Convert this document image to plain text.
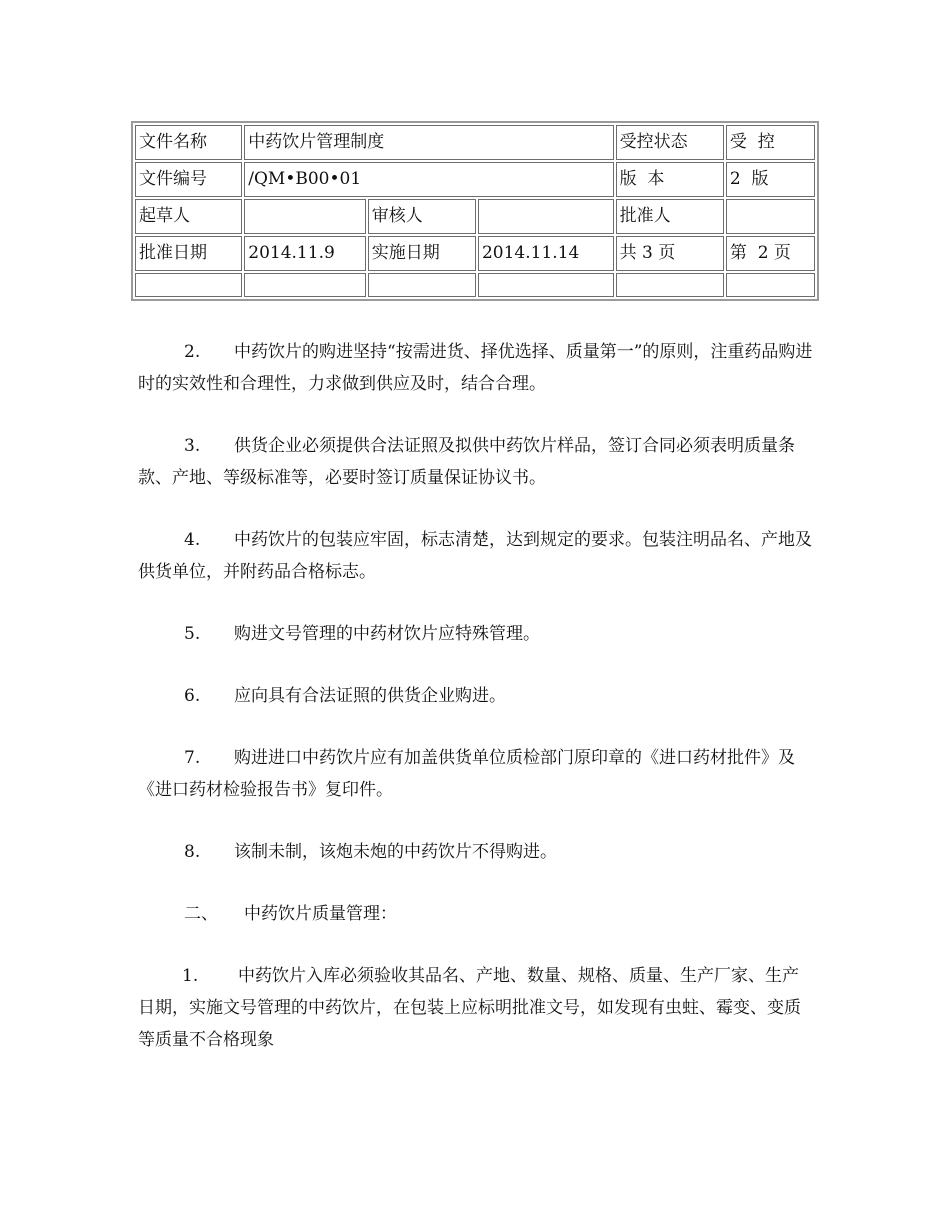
文件名称	中药饮片管理制度			受控状态	受  控
文件编号	/QM•B00•01			版  本	2  版
起草人		审核人		批准人	
批准日期	2014.11.9	实施日期	2014.11.14	共 3 页	第  2 页

2. 中药饮片的购进坚持“按需进货、择优选择、质量第一”的原则，注重药品购进时的实效性和合理性，力求做到供应及时，结合合理。

3. 供货企业必须提供合法证照及拟供中药饮片样品，签订合同必须表明质量条款、产地、等级标准等，必要时签订质量保证协议书。

4. 中药饮片的包装应牢固，标志清楚，达到规定的要求。包装注明品名、产地及供货单位，并附药品合格标志。

5. 购进文号管理的中药材饮片应特殊管理。

6. 应向具有合法证照的供货企业购进。

7. 购进进口中药饮片应有加盖供货单位质检部门原印章的《进口药材批件》及《进口药材检验报告书》复印件。

8. 该制未制，该炮未炮的中药饮片不得购进。

二、 中药饮片质量管理：

1. 中药饮片入库必须验收其品名、产地、数量、规格、质量、生产厂家、生产日期，实施文号管理的中药饮片，在包装上应标明批准文号，如发现有虫蛀、霉变、变质等质量不合格现象
